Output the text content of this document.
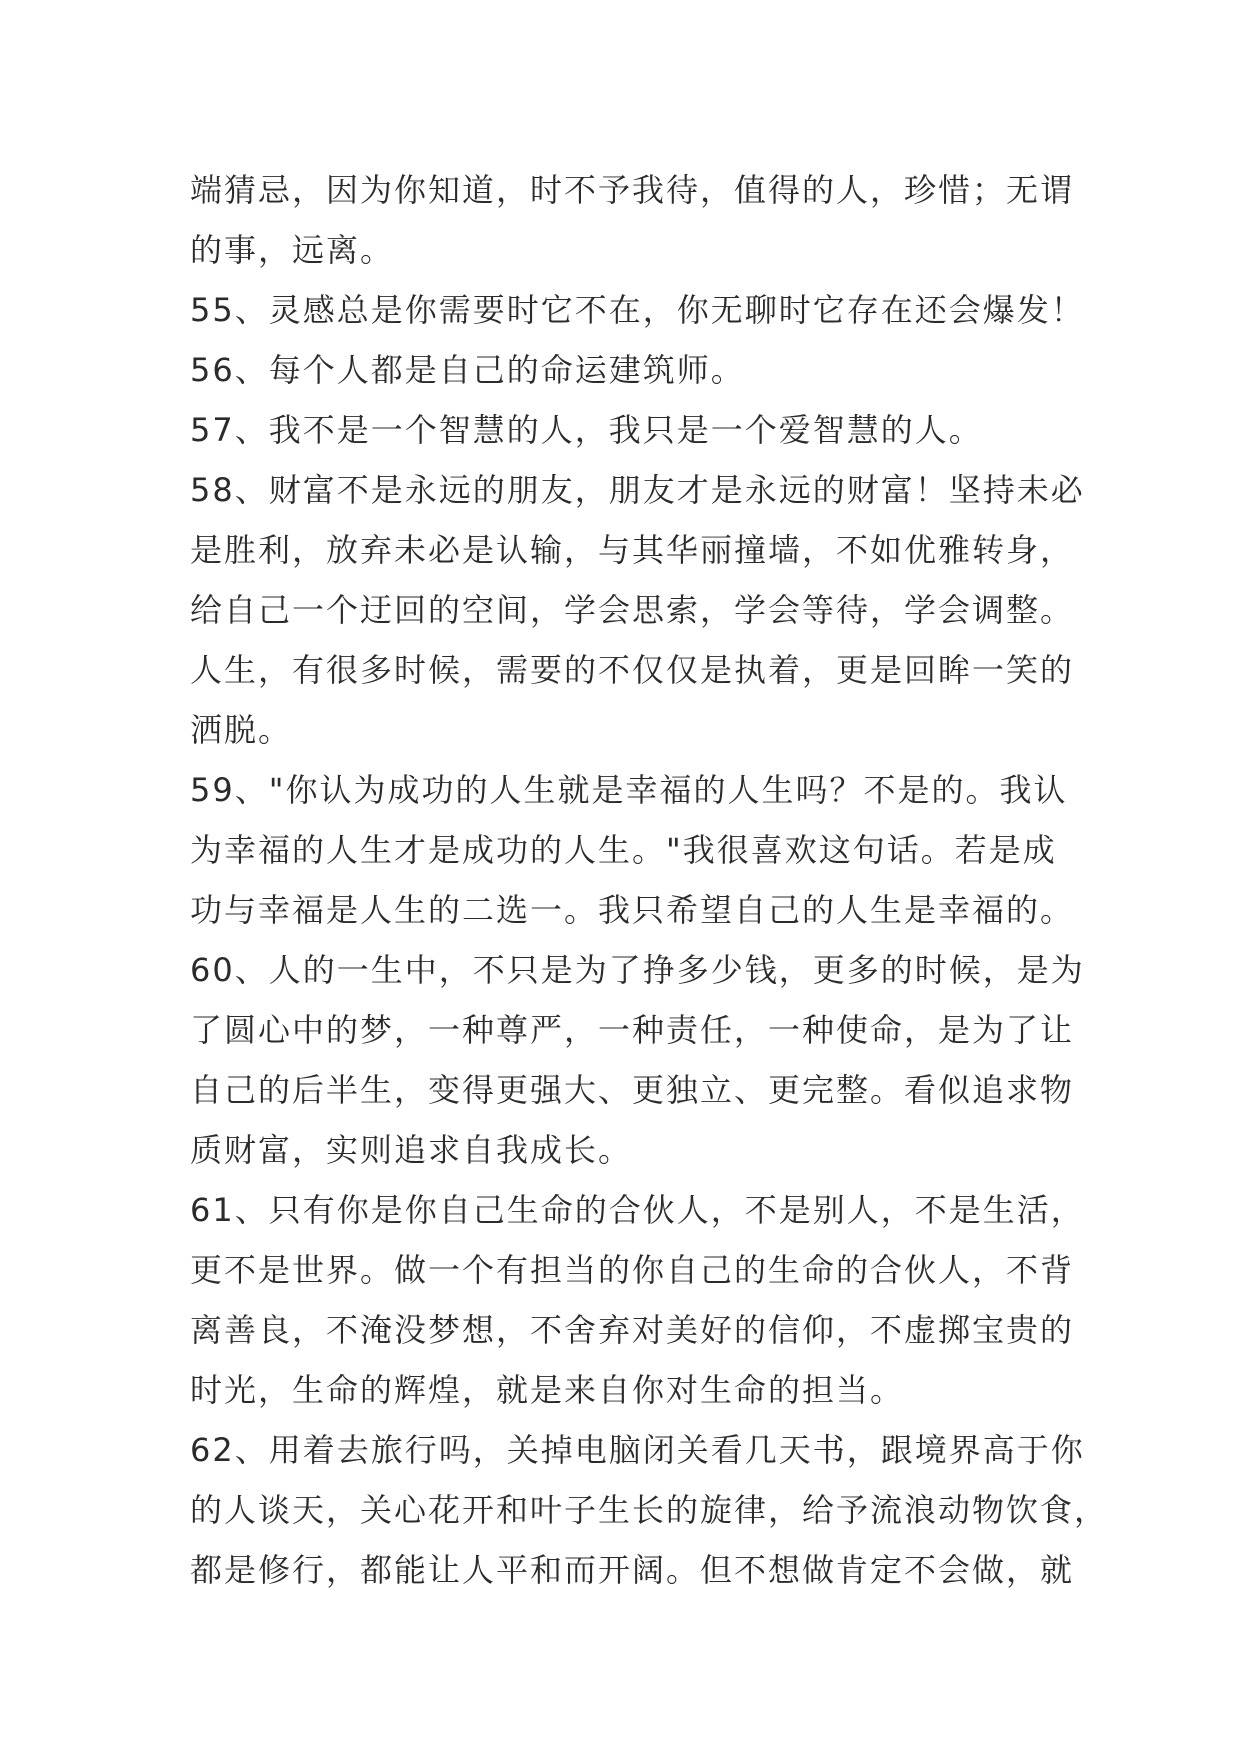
端猜忌，因为你知道，时不予我待，值得的人，珍惜；无谓
的事，远离。
55、灵感总是你需要时它不在，你无聊时它存在还会爆发！
56、每个人都是自己的命运建筑师。
57、我不是一个智慧的人，我只是一个爱智慧的人。
58、财富不是永远的朋友，朋友才是永远的财富！坚持未必
是胜利，放弃未必是认输，与其华丽撞墙，不如优雅转身，
给自己一个迂回的空间，学会思索，学会等待，学会调整。
人生，有很多时候，需要的不仅仅是执着，更是回眸一笑的
洒脱。
59、"你认为成功的人生就是幸福的人生吗？不是的。我认
为幸福的人生才是成功的人生。"我很喜欢这句话。若是成
功与幸福是人生的二选一。我只希望自己的人生是幸福的。
60、人的一生中，不只是为了挣多少钱，更多的时候，是为
了圆心中的梦，一种尊严，一种责任，一种使命，是为了让
自己的后半生，变得更强大、更独立、更完整。看似追求物
质财富，实则追求自我成长。
61、只有你是你自己生命的合伙人，不是别人，不是生活，
更不是世界。做一个有担当的你自己的生命的合伙人，不背
离善良，不淹没梦想，不舍弃对美好的信仰，不虚掷宝贵的
时光，生命的辉煌，就是来自你对生命的担当。
62、用着去旅行吗，关掉电脑闭关看几天书，跟境界高于你
的人谈天，关心花开和叶子生长的旋律，给予流浪动物饮食，
都是修行，都能让人平和而开阔。但不想做肯定不会做，就
